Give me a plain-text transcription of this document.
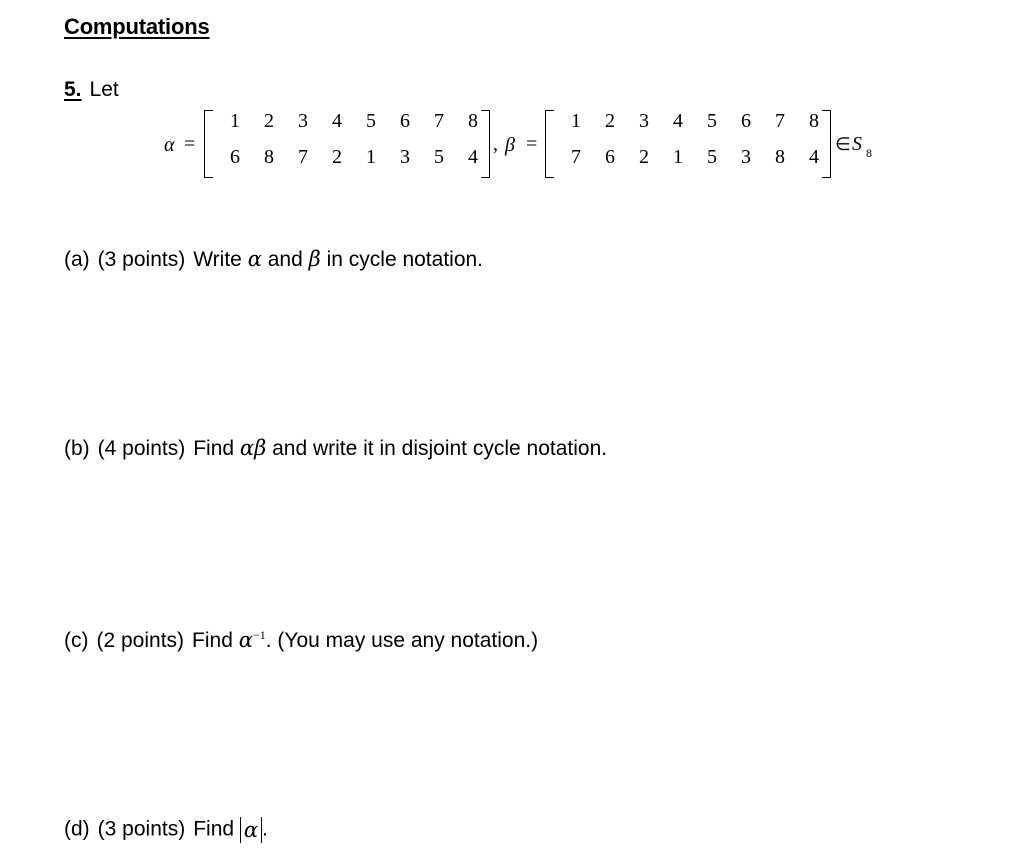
Computations
5. Let
α =
1	2	3	4	5	6	7	8
6	8	7	2	1	3	5	4
, β =
1	2	3	4	5	6	7	8
7	6	2	1	5	3	8	4
∈ S 8
(a) (3 points) Write α and β in cycle notation.
(b) (4 points) Find αβ and write it in disjoint cycle notation.
(c) (2 points) Find $\alpha^{-1}$. (You may use any notation.)
(d) (3 points) Find α .
